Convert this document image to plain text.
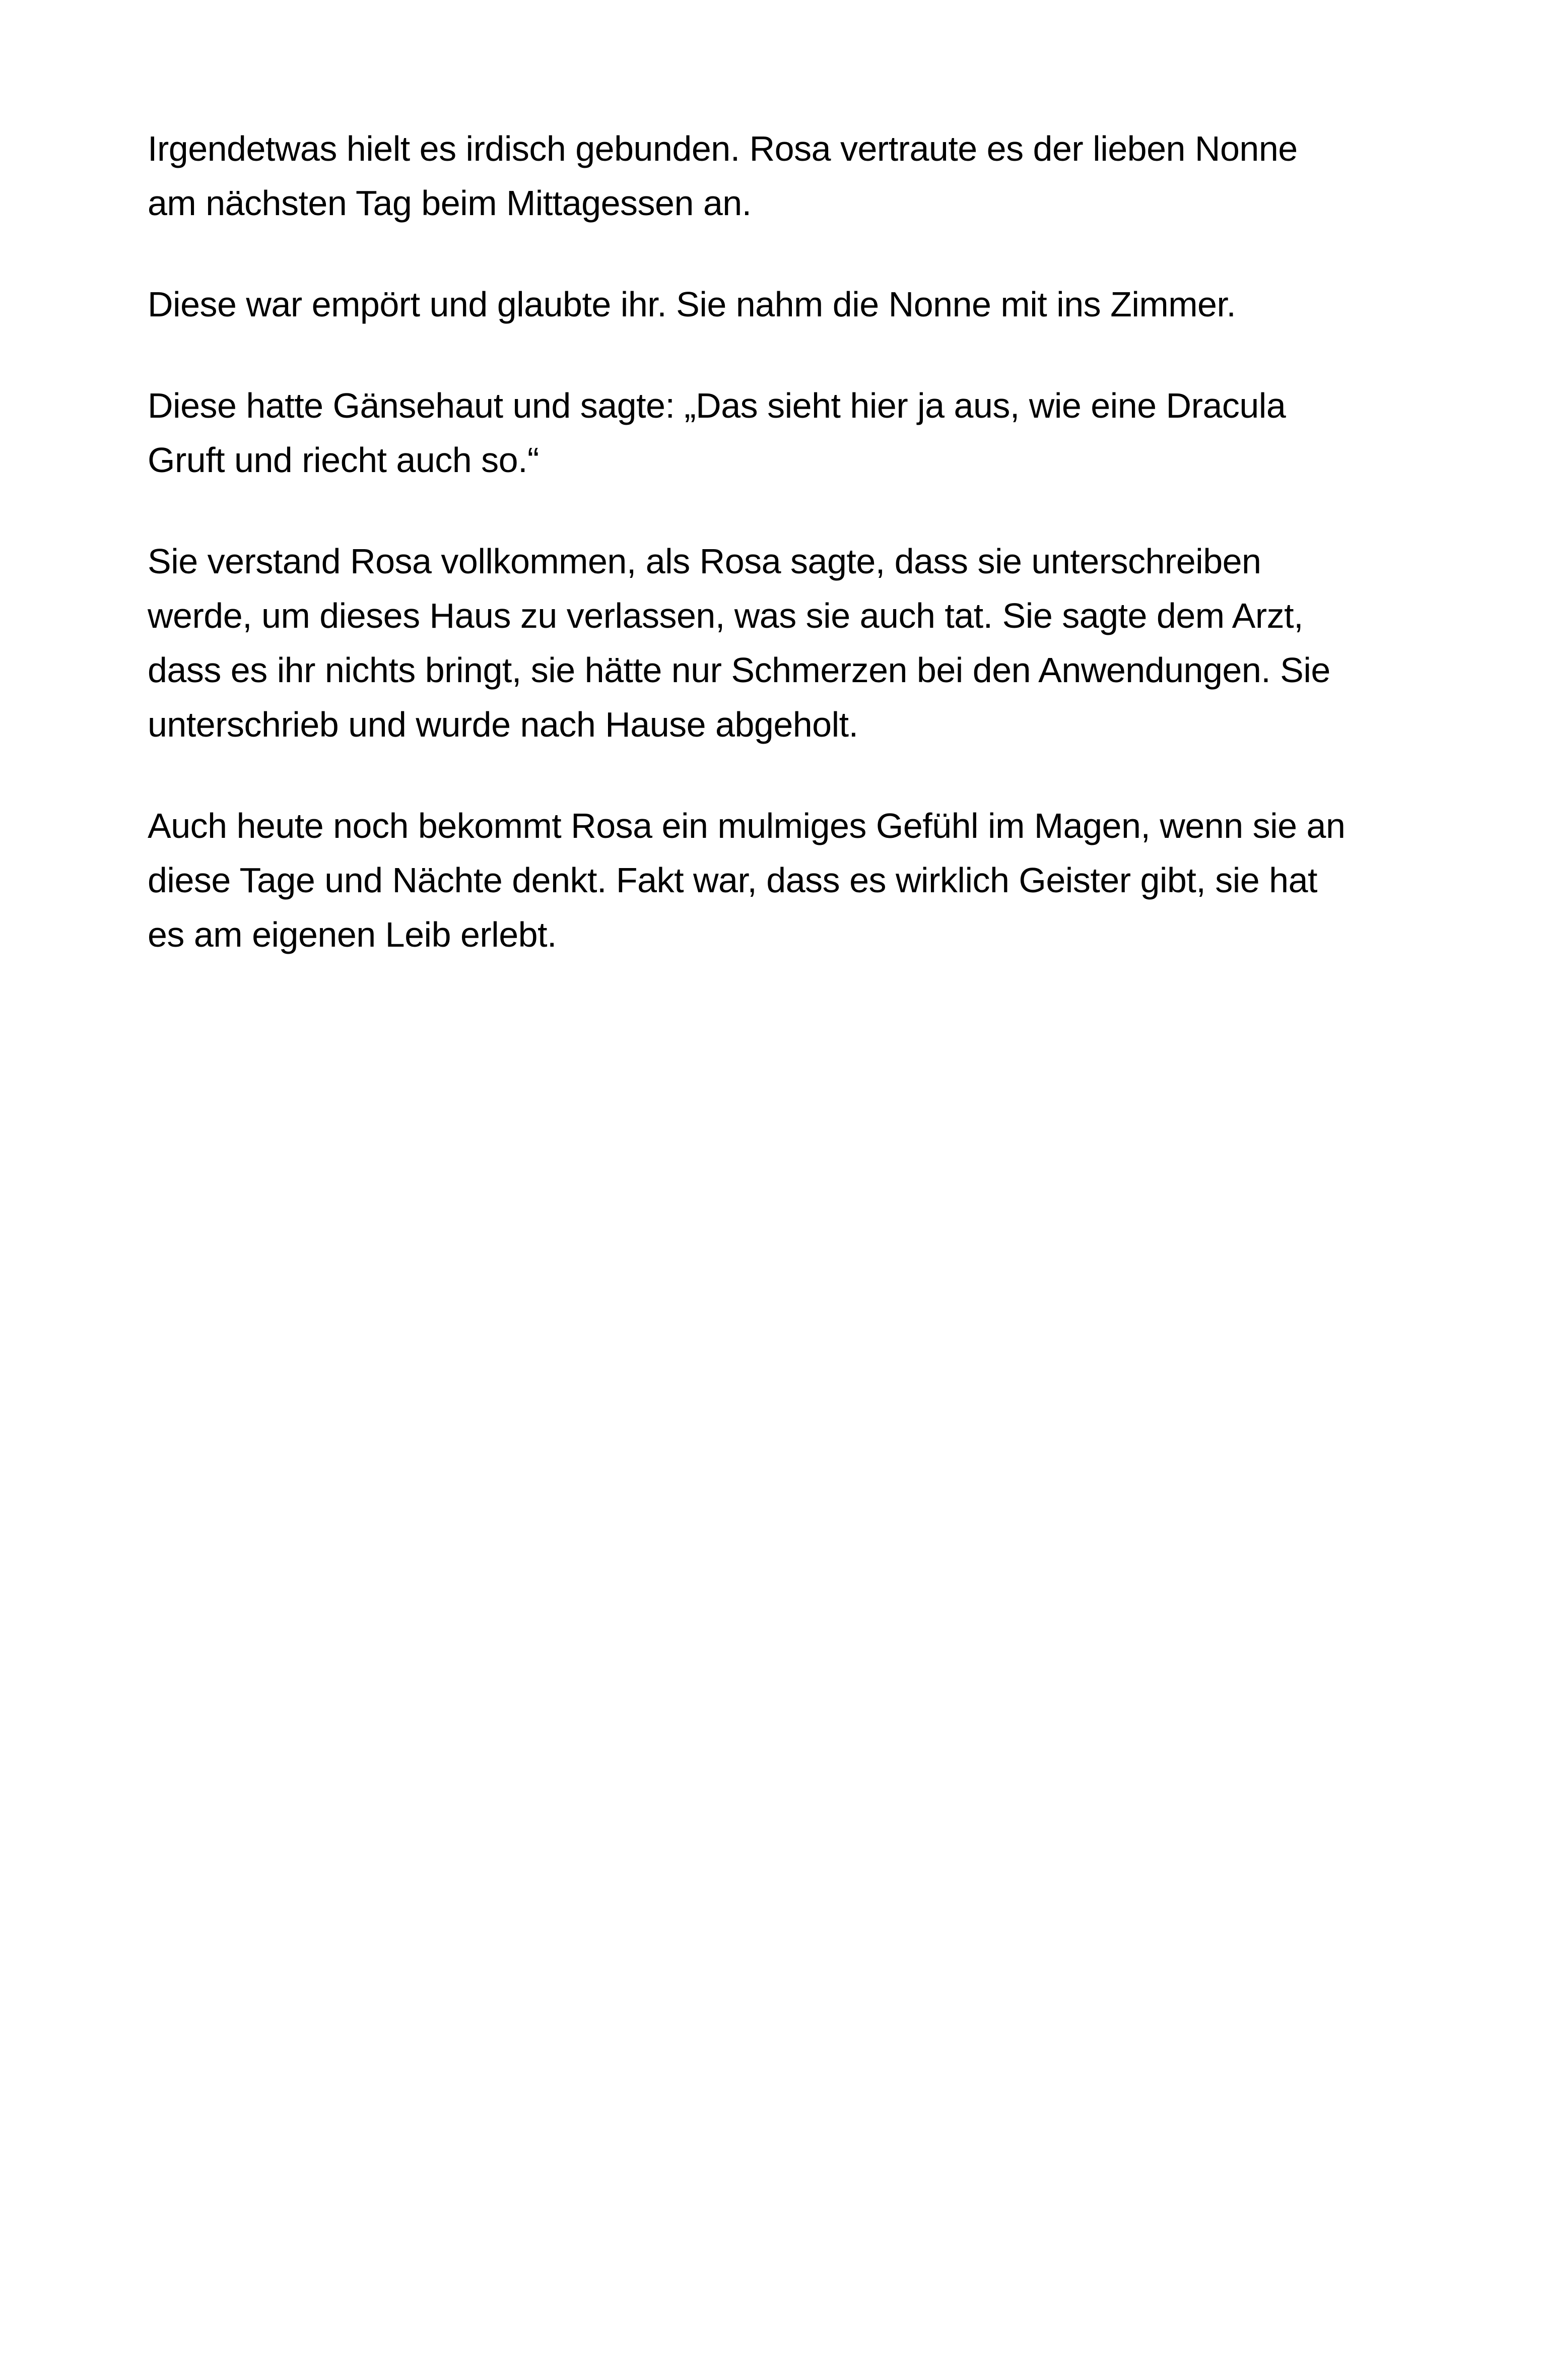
Irgendetwas hielt es irdisch gebunden. Rosa vertraute es der lieben Nonne
am nächsten Tag beim Mittagessen an.

Diese war empört und glaubte ihr. Sie nahm die Nonne mit ins Zimmer.

Diese hatte Gänsehaut und sagte: „Das sieht hier ja aus, wie eine Dracula
Gruft und riecht auch so.“

Sie verstand Rosa vollkommen, als Rosa sagte, dass sie unterschreiben
werde, um dieses Haus zu verlassen, was sie auch tat. Sie sagte dem Arzt,
dass es ihr nichts bringt, sie hätte nur Schmerzen bei den Anwendungen. Sie
unterschrieb und wurde nach Hause abgeholt.

Auch heute noch bekommt Rosa ein mulmiges Gefühl im Magen, wenn sie an
diese Tage und Nächte denkt. Fakt war, dass es wirklich Geister gibt, sie hat
es am eigenen Leib erlebt.
